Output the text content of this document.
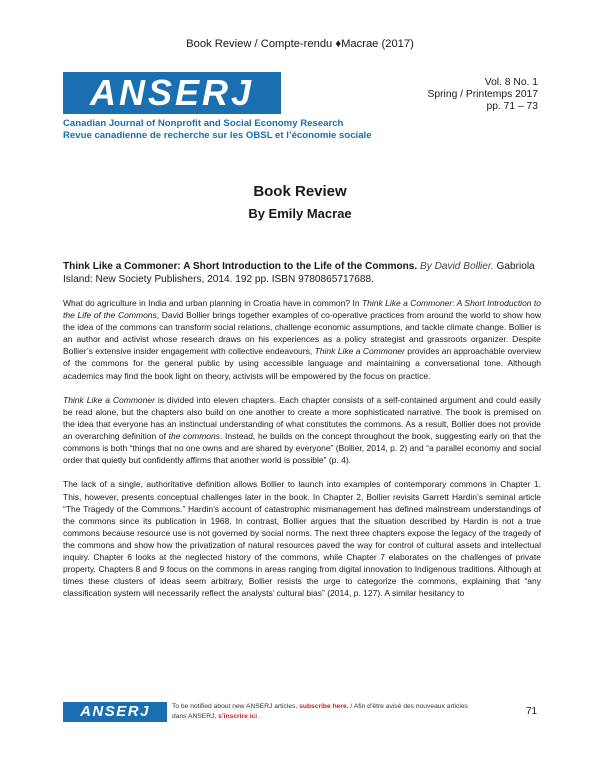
Book Review / Compte-rendu ♦Macrae (2017)
ANSERJ
Canadian Journal of Nonprofit and Social Economy Research
Revue canadienne de recherche sur les OBSL et l’économie sociale
Vol. 8 No. 1
Spring / Printemps 2017
pp. 71 – 73
Book Review
By Emily Macrae
Think Like a Commoner: A Short Introduction to the Life of the Commons. By David Bollier. Gabriola Island: New Society Publishers, 2014. 192 pp. ISBN 9780865717688.

What do agriculture in India and urban planning in Croatia have in common? In Think Like a Commoner: A Short Introduction to the Life of the Commons, David Bollier brings together examples of co-operative practices from around the world to show how the idea of the commons can transform social relations, challenge economic assumptions, and tackle climate change. Bollier is an author and activist whose research draws on his experiences as a policy strategist and grassroots organizer. Despite Bollier’s extensive insider engagement with collective endeavours, Think Like a Commoner provides an approachable overview of the commons for the general public by using accessible language and maintaining a conversational tone. Although academics may find the book light on theory, activists will be empowered by the focus on practice.

Think Like a Commoner is divided into eleven chapters. Each chapter consists of a self-contained argument and could easily be read alone, but the chapters also build on one another to create a more sophisticated narrative. The book is premised on the idea that everyone has an instinctual understanding of what constitutes the commons. As a result, Bollier does not provide an overarching definition of the commons. Instead, he builds on the concept throughout the book, suggesting early on that the commons is both “things that no one owns and are shared by everyone” (Bollier, 2014, p. 2) and “a parallel economy and social order that quietly but confidently affirms that another world is possible” (p. 4).

The lack of a single, authoritative definition allows Bollier to launch into examples of contemporary commons in Chapter 1. This, however, presents conceptual challenges later in the book. In Chapter 2, Bollier revisits Garrett Hardin’s seminal article “The Tragedy of the Commons.” Hardin’s account of catastrophic mismanagement has defined mainstream understandings of the commons since its publication in 1968. In contrast, Bollier argues that the situation described by Hardin is not a true commons because resource use is not governed by social norms. The next three chapters expose the legacy of the tragedy of the commons and show how the privatization of natural resources paved the way for control of cultural assets and intellectual inquiry. Chapter 6 looks at the neglected history of the commons, while Chapter 7 elaborates on the challenges of private property. Chapters 8 and 9 focus on the commons in areas ranging from digital innovation to Indigenous traditions. Although at times these clusters of ideas seem arbitrary, Bollier resists the urge to categorize the commons, explaining that “any classification system will necessarily reflect the analysts’ cultural bias” (2014, p. 127). A similar hesitancy to

ANSERJ	To be notified about new ANSERJ articles, subscribe here. / Afin d’être avisé des nouveaux articles dans ANSERJ, s’inscrire ici .	71
